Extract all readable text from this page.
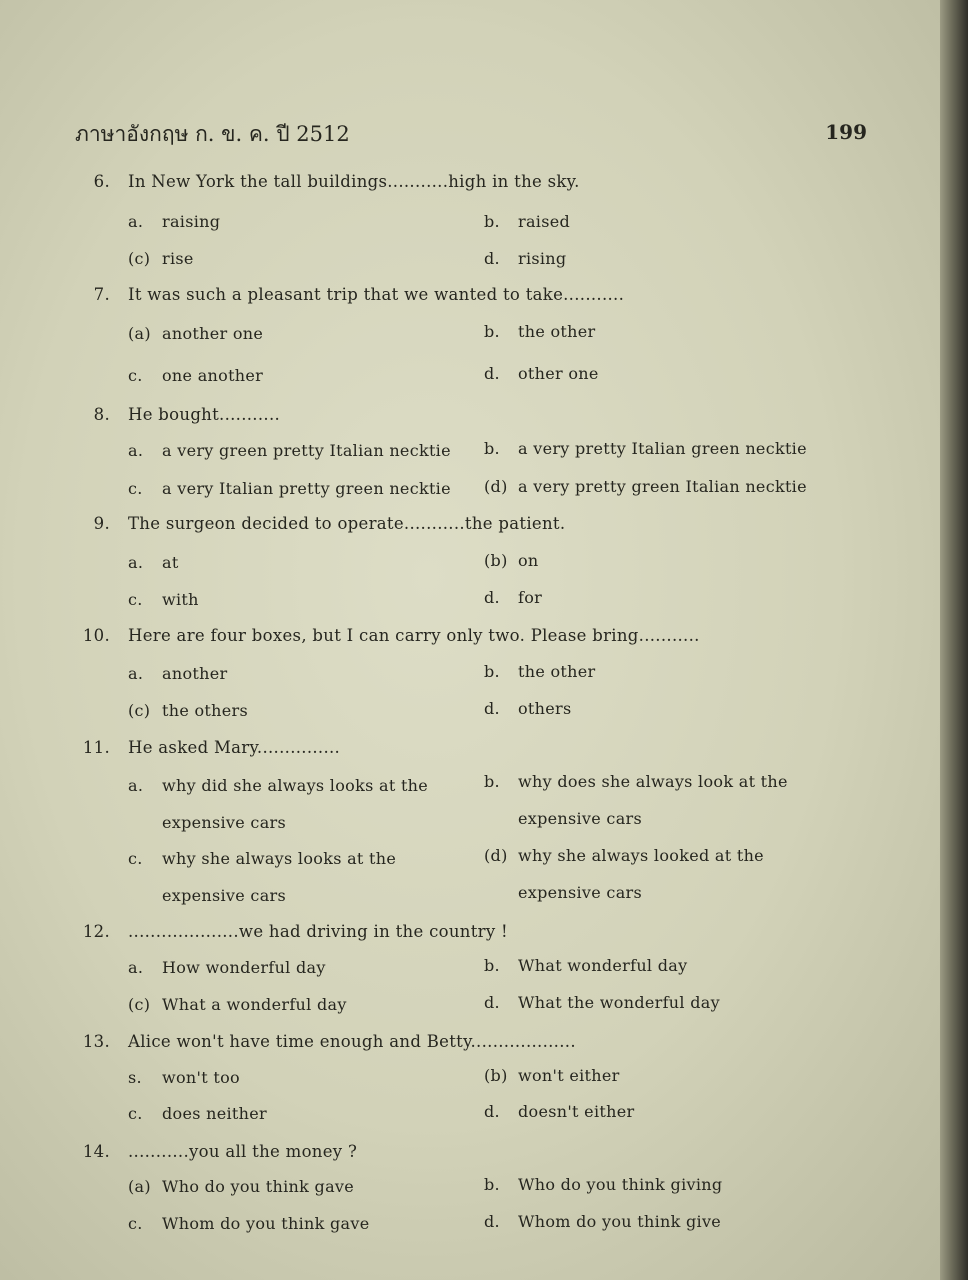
ภาษาอังกฤษ ก. ข. ค. ปี 2512	199
6. In New York the tall buildings...........high in the sky.
a. raising	b. raised
(c) rise	d. rising
7. It was such a pleasant trip that we wanted to take...........
(a) another one	b. the other
c. one another	d. other one
8. He bought...........
a. a very green pretty Italian necktie b. a very pretty Italian green necktie
c. a very Italian pretty green necktie (d) a very pretty green Italian necktie
9. The surgeon decided to operate...........the patient.
a. at	(b) on
c. with	d. for
10. Here are four boxes, but I can carry only two. Please bring...........
a. another	b. the other
(c) the others	d. others
11. He asked Mary...............
a. why did she always looks at the
expensive cars
b. why does she always look at the
expensive cars
c. why she always looks at the
expensive cars
(d) why she always looked at the
expensive cars
12. ....................we had driving in the country !
a. How wonderful day	b. What wonderful day
(c) What a wonderful day	d. What the wonderful day
13. Alice won't have time enough and Betty...................
s. won't too	(b) won't either
c. does neither	d. doesn't either
14. ...........you all the money ?
(a) Who do you think gave	b. Who do you think giving
c. Whom do you think gave	d. Whom do you think give
